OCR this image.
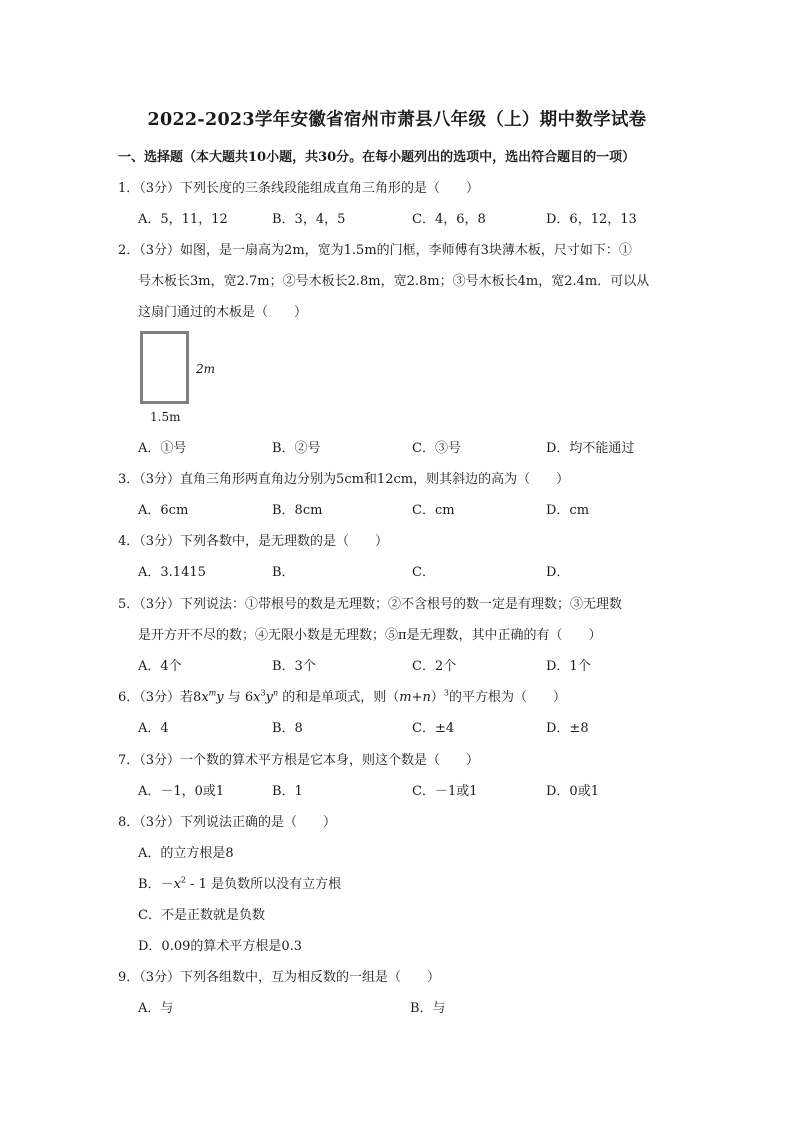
2022-2023学年安徽省宿州市萧县八年级（上）期中数学试卷
一、选择题（本大题共10小题，共30分。在每小题列出的选项中，选出符合题目的一项）
1．（3分）下列长度的三条线段能组成直角三角形的是（　　）
A．5，11，12	B．3，4，5	C．4，6，8	D．6，12，13
2．（3分）如图，是一扇高为2m，宽为1.5m的门框，李师傅有3块薄木板，尺寸如下：①
号木板长3m，宽2.7m；②号木板长2.8m，宽2.8m；③号木板长4m，宽2.4m．可以从
这扇门通过的木板是（　　）
2m
1.5m
A．①号	B．②号	C．③号	D．均不能通过
3．（3分）直角三角形两直角边分别为5cm和12cm，则其斜边的高为（　　）
A．6cm	B．8cm	C．cm	D．cm
4．（3分）下列各数中，是无理数的是（　　）
A．3.1415	B．	C．	D．
5．（3分）下列说法：①带根号的数是无理数；②不含根号的数一定是有理数；③无理数
是开方开不尽的数；④无限小数是无理数；⑤π是无理数，其中正确的有（　　）
A．4个	B．3个	C．2个	D．1个
6．（3分）若$8x^my$ 与 $6x^3y^n$ 的和是单项式，则$(m+n)^3$的平方根为（　　）
A．4	B．8	C．±4	D．±8
7．（3分）一个数的算术平方根是它本身，则这个数是（　　）
A．－1，0或1	B．1	C．－1或1	D．0或1
8．（3分）下列说法正确的是（　　）
A．的立方根是8
B．$-x^2 - 1$ 是负数所以没有立方根
C．不是正数就是负数
D．0.09的算术平方根是0.3
9．（3分）下列各组数中，互为相反数的一组是（　　）
A．与	B．与
